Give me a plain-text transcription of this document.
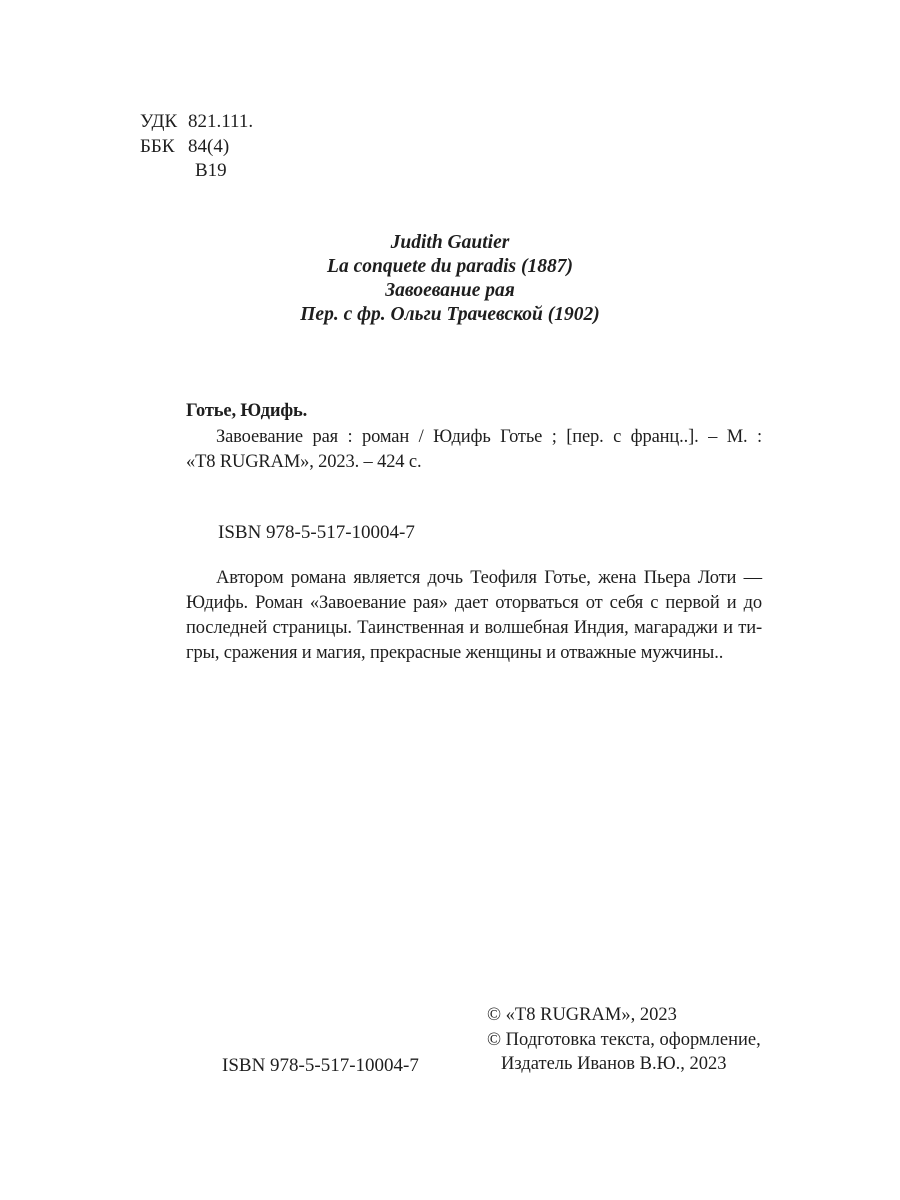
УДК 821.111.
ББК 84(4)
В19
Judith Gautier
La conquete du paradis (1887)
Завоевание рая
Пер. с фр. Ольги Трачевской (1902)
Готье, Юдифь.
Завоевание рая : роман / Юдифь Готье ; [пер. с франц..]. – М. :
«T8 RUGRAM», 2023. – 424 с.
ISBN 978-5-517-10004-7
Автором романа является дочь Теофиля Готье, жена Пьера Лоти —
Юдифь. Роман «Завоевание рая» дает оторваться от себя с первой и до
последней страницы. Таинственная и волшебная Индия, магараджи и ти-
гры, сражения и магия, прекрасные женщины и отважные мужчины..
© «T8 RUGRAM», 2023
© Подготовка текста, оформление,
Издатель Иванов В.Ю., 2023
ISBN 978-5-517-10004-7
